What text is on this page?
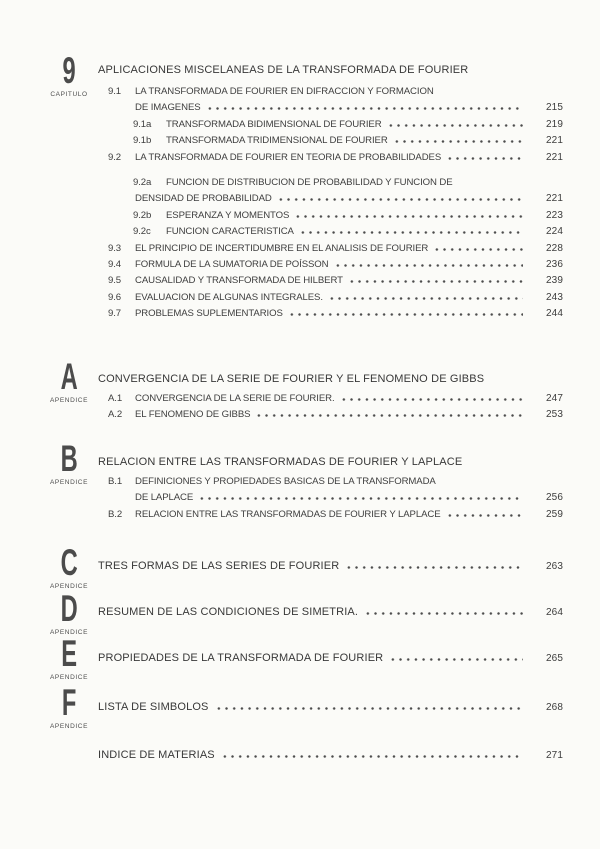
9
CAPITULO
APLICACIONES MISCELANEAS DE LA TRANSFORMADA DE FOURIER
9.1	LA TRANSFORMADA DE FOURIER EN DIFRACCION Y FORMACION
DE IMAGENES	215
9.1a	TRANSFORMADA BIDIMENSIONAL DE FOURIER	219
9.1b	TRANSFORMADA TRIDIMENSIONAL DE FOURIER	221
9.2	LA TRANSFORMADA DE FOURIER EN TEORIA DE PROBABILIDADES	221
9.2a	FUNCION DE DISTRIBUCION DE PROBABILIDAD Y FUNCION DE
DENSIDAD DE PROBABILIDAD	221
9.2b	ESPERANZA Y MOMENTOS	223
9.2c	FUNCION CARACTERISTICA	224
9.3	EL PRINCIPIO DE INCERTIDUMBRE EN EL ANALISIS DE FOURIER	228
9.4	FORMULA DE LA SUMATORIA DE POÍSSON	236
9.5	CAUSALIDAD Y TRANSFORMADA DE HILBERT	239
9.6	EVALUACION DE ALGUNAS INTEGRALES.	243
9.7	PROBLEMAS SUPLEMENTARIOS	244
A
APENDICE
CONVERGENCIA DE LA SERIE DE FOURIER Y EL FENOMENO DE GIBBS
A.1	CONVERGENCIA DE LA SERIE DE FOURIER.	247
A.2	EL FENOMENO DE GIBBS	253
B
APENDICE
RELACION ENTRE LAS TRANSFORMADAS DE FOURIER Y LAPLACE
B.1	DEFINICIONES Y PROPIEDADES BASICAS DE LA TRANSFORMADA
DE LAPLACE	256
B.2	RELACION ENTRE LAS TRANSFORMADAS DE FOURIER Y LAPLACE	259
C
APENDICE
TRES FORMAS DE LAS SERIES DE FOURIER	263
D
APENDICE
RESUMEN DE LAS CONDICIONES DE SIMETRIA.	264
E
APENDICE
PROPIEDADES DE LA TRANSFORMADA DE FOURIER	265
F
APENDICE
LISTA DE SIMBOLOS	268
INDICE DE MATERIAS	271
